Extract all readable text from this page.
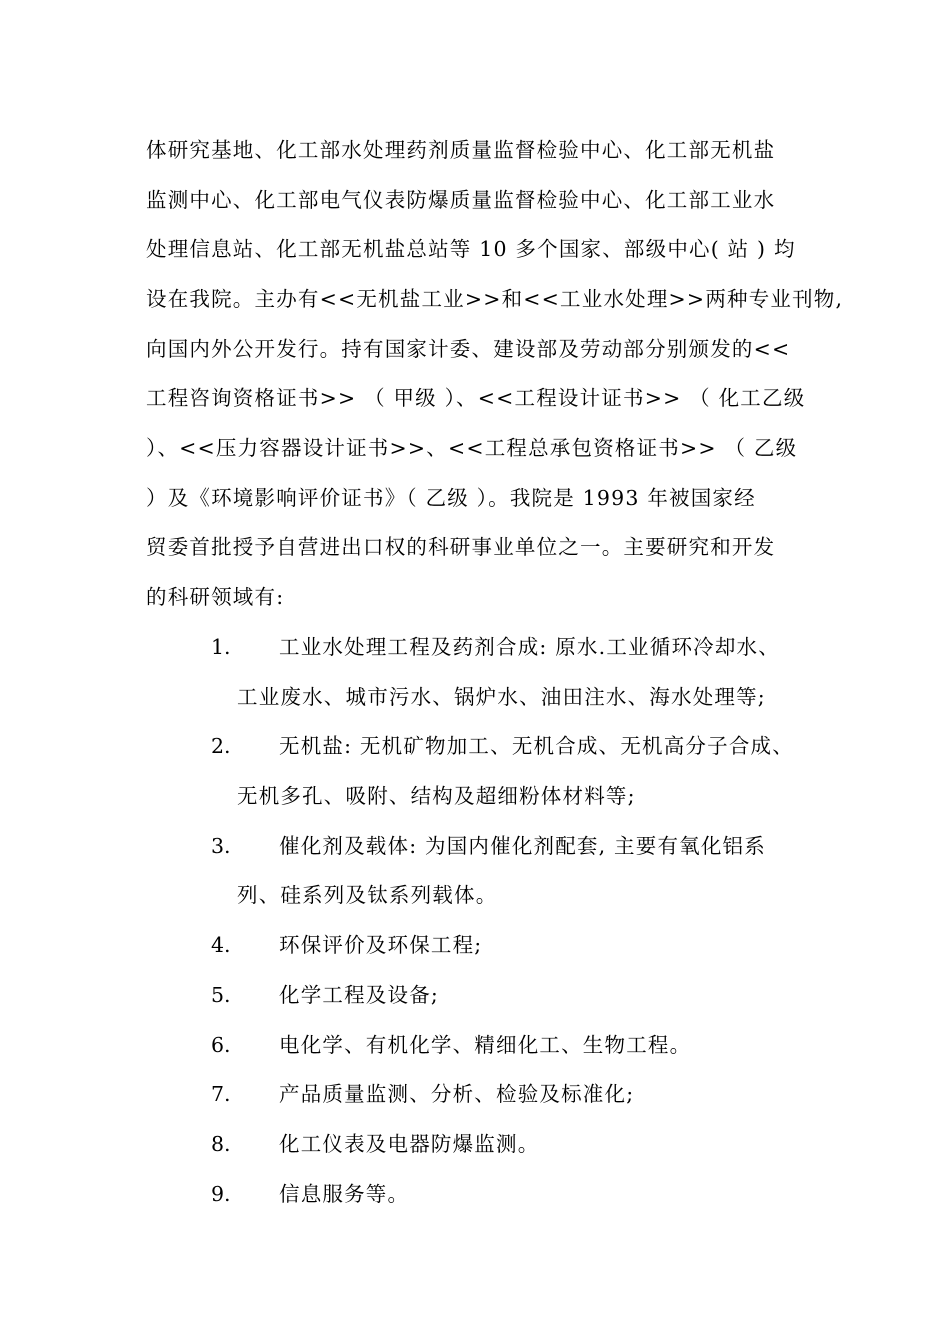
体研究基地、化工部水处理药剂质量监督检验中心、化工部无机盐
监测中心、化工部电气仪表防爆质量监督检验中心、化工部工业水
处理信息站、化工部无机盐总站等 10 多个国家、部级中心( 站 ) 均
设在我院。主办有<<无机盐工业>>和<<工业水处理>>两种专业刊物,
向国内外公开发行。持有国家计委、建设部及劳动部分别颁发的<<
工程咨询资格证书>> （ 甲级 ）、<<工程设计证书>> （ 化工乙级
）、<<压力容器设计证书>>、<<工程总承包资格证书>> （ 乙级
）及《环境影响评价证书》（ 乙级 ）。我院是 1993 年被国家经
贸委首批授予自营进出口权的科研事业单位之一。主要研究和开发
的科研领域有:
1. 工业水处理工程及药剂合成: 原水.工业循环冷却水、
工业废水、城市污水、锅炉水、油田注水、海水处理等;
2. 无机盐: 无机矿物加工、无机合成、无机高分子合成、
无机多孔、吸附、结构及超细粉体材料等;
3. 催化剂及载体: 为国内催化剂配套, 主要有氧化铝系
列、硅系列及钛系列载体。
4. 环保评价及环保工程;
5. 化学工程及设备;
6. 电化学、有机化学、精细化工、生物工程。
7. 产品质量监测、分析、检验及标准化;
8. 化工仪表及电器防爆监测。
9. 信息服务等。
